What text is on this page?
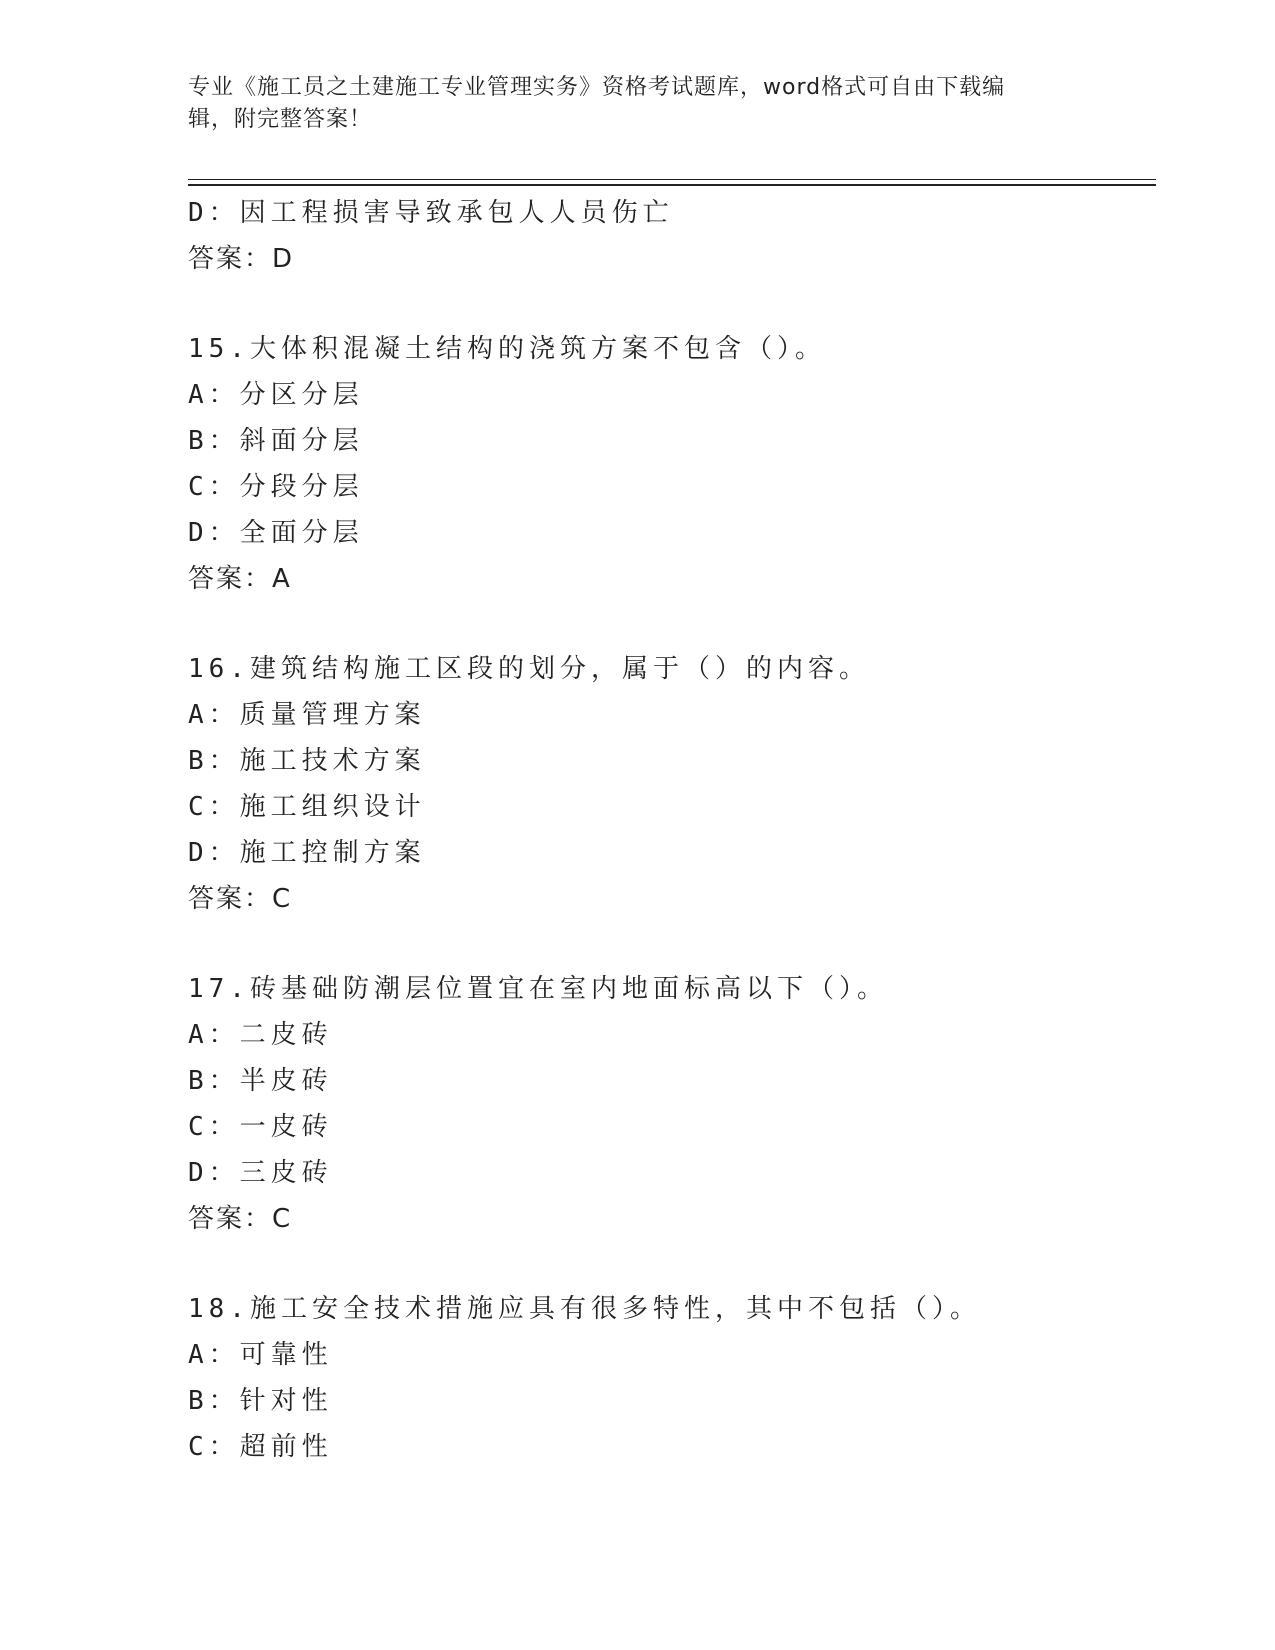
专业《施工员之土建施工专业管理实务》资格考试题库，word格式可自由下载编
辑，附完整答案！
D：因工程损害导致承包人人员伤亡
答案：D
15.大体积混凝土结构的浇筑方案不包含（）。
A：分区分层
B：斜面分层
C：分段分层
D：全面分层
答案：A
16.建筑结构施工区段的划分，属于（）的内容。
A：质量管理方案
B：施工技术方案
C：施工组织设计
D：施工控制方案
答案：C
17.砖基础防潮层位置宜在室内地面标高以下（）。
A：二皮砖
B：半皮砖
C：一皮砖
D：三皮砖
答案：C
18.施工安全技术措施应具有很多特性，其中不包括（）。
A：可靠性
B：针对性
C：超前性
